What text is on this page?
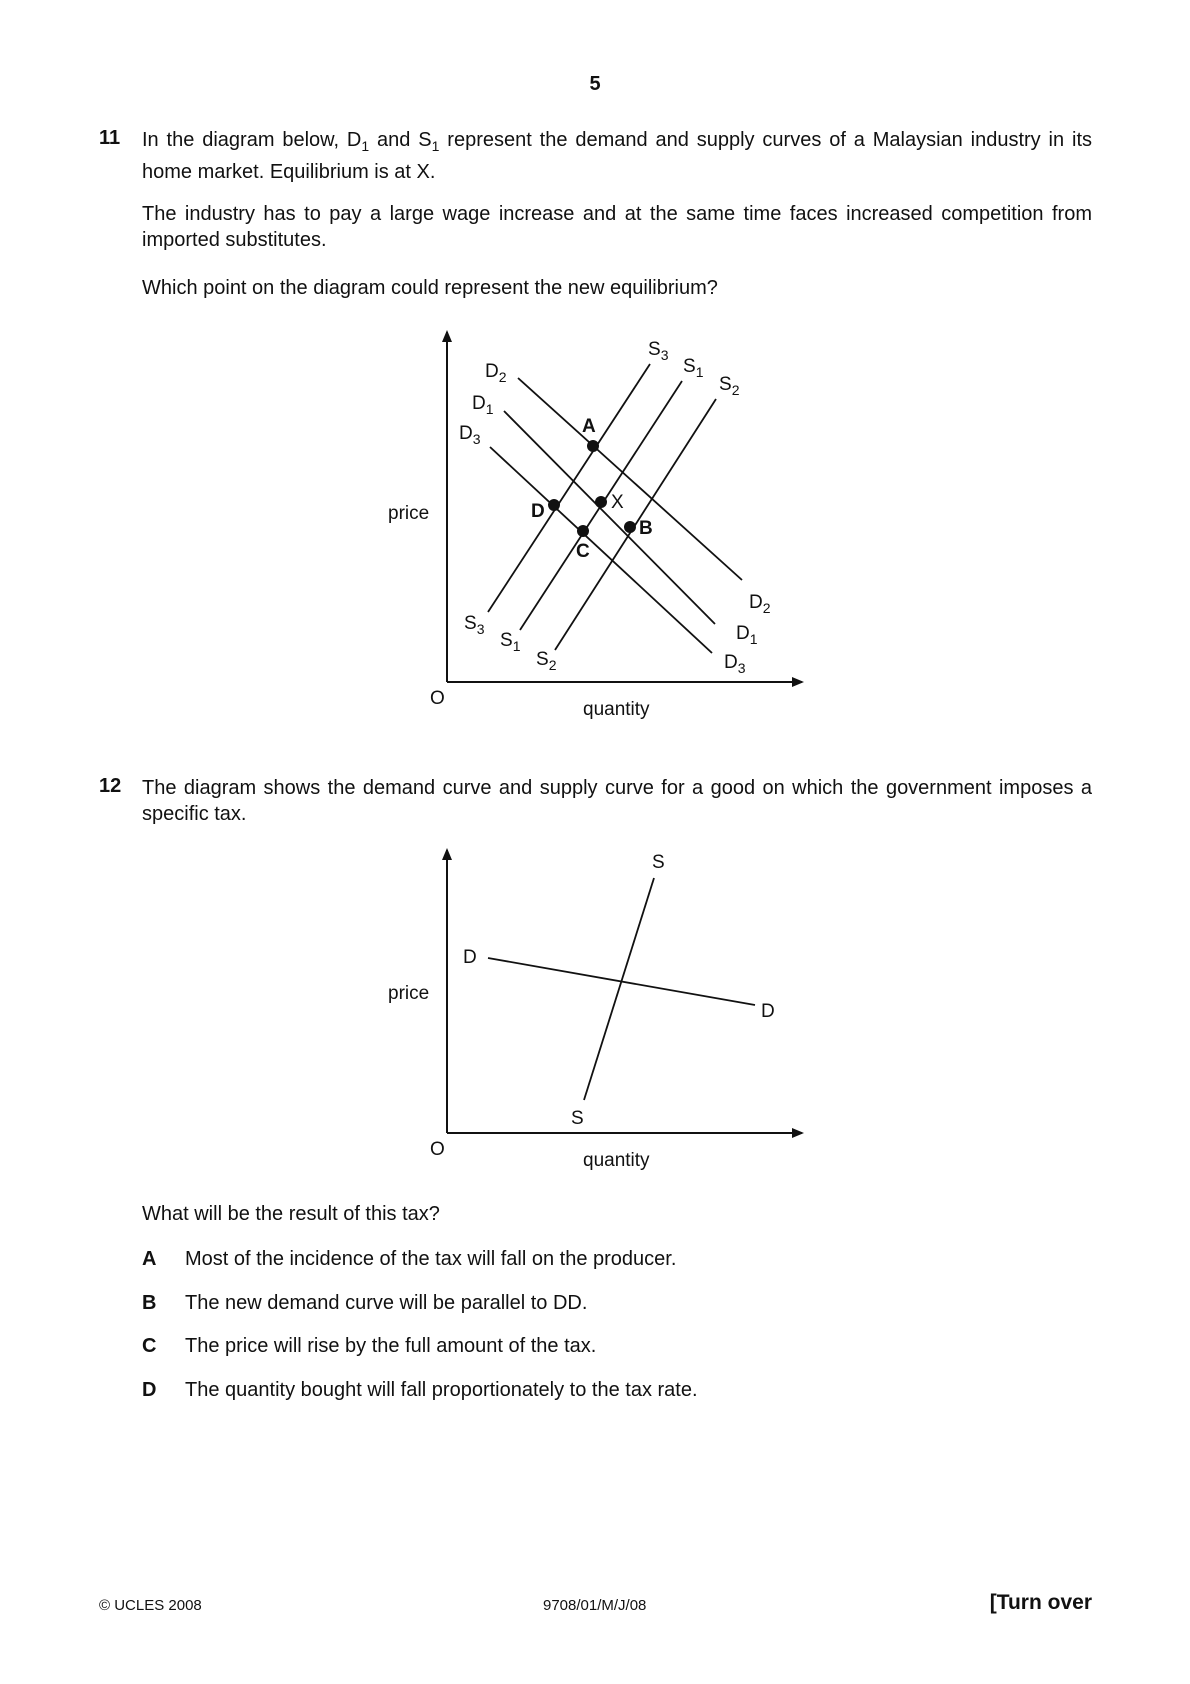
5
11 In the diagram below, $D_1$ and $S_1$ represent the demand and supply curves of a Malaysian industry in its home market. Equilibrium is at X.
The industry has to pay a large wage increase and at the same time faces increased competition from imported substitutes.
Which point on the diagram could represent the new equilibrium?
O
price
quantity
$D_2$
$D_1$
$D_3$
$S_3$
$S_1$
$S_2$
$D_2$
$D_1$
$D_3$
$S_3$
$S_1$
$S_2$
A
X
D
C
B
O
price
quantity
D
D
S
S
12 The diagram shows the demand curve and supply curve for a good on which the government imposes a specific tax.
What will be the result of this tax?
A Most of the incidence of the tax will fall on the producer.
B The new demand curve will be parallel to DD.
C The price will rise by the full amount of the tax.
D The quantity bought will fall proportionately to the tax rate.
© UCLES 2008	9708/01/M/J/08	[Turn over
